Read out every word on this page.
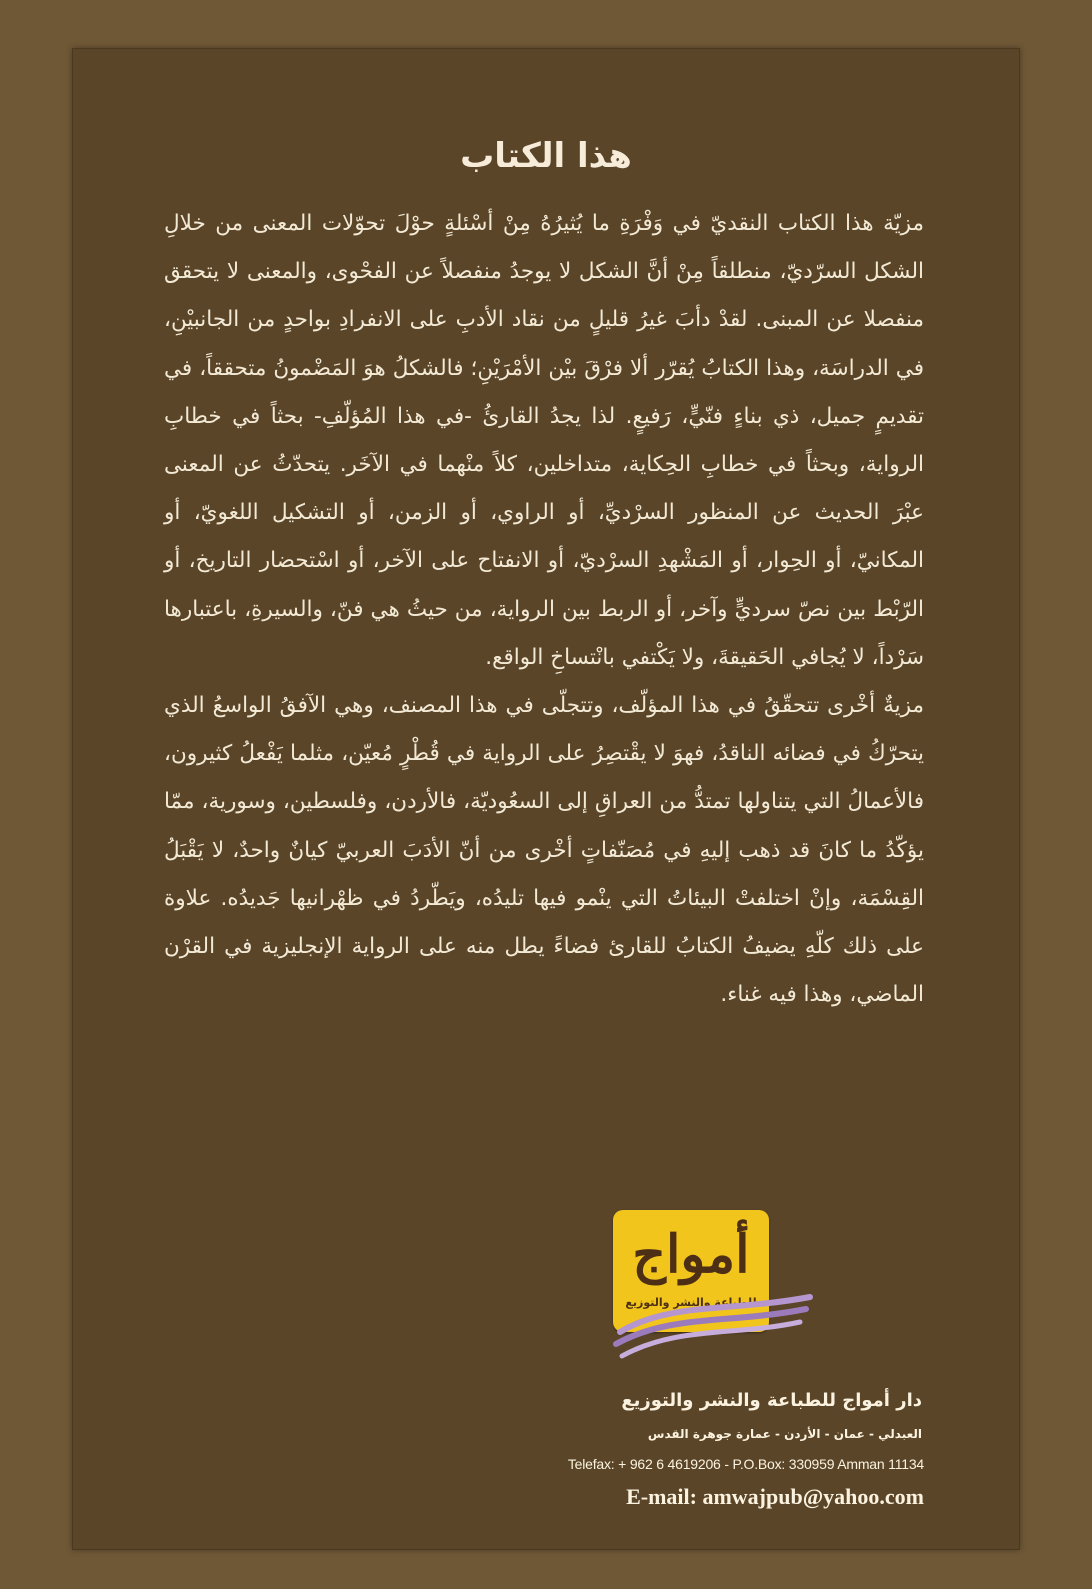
هذا الكتاب

مزيّة هذا الكتاب النقديّ في وَفْرَةِ ما يُثيرُهُ مِنْ أسْئلةٍ حوْلَ تحوّلات المعنى من خلالِ الشكل السرّديّ، منطلقاً مِنْ أنَّ الشكل لا يوجدُ منفصلاً عن الفحْوى، والمعنى لا يتحقق منفصلا عن المبنى. لقدْ دأبَ غيرُ قليلٍ من نقاد الأدبِ على الانفرادِ بواحدٍ من الجانبيْنِ، في الدراسَة، وهذا الكتابُ يُقرّر ألا فرْقَ بيْن الأمْرَيْنِ؛ فالشكلُ هوَ المَضْمونُ متحققاً، في تقديمٍ جميل، ذي بناءٍ فنّيٍّ، رَفيعٍ. لذا يجدُ القارئُ -في هذا المُؤلّفِ- بحثاً في خطابِ الرواية، وبحثاً في خطابِ الحِكاية، متداخلين، كلاً منْهما في الآخَر. يتحدّثُ عن المعنى عبْرَ الحديث عن المنظور السرْديِّ، أو الراوي، أو الزمن، أو التشكيل اللغويّ، أو المكانيّ، أو الحِوار، أو المَشْهدِ السرْديّ، أو الانفتاح على الآخر، أو اسْتحضار التاريخ، أو الرّبْط بين نصّ سرديٍّ وآخر، أو الربط بين الرواية، من حيثُ هي فنّ، والسيرةِ، باعتبارها سَرْداً، لا يُجافي الحَقيقةَ، ولا يَكْتفي بانْتساخِ الواقع.

مزيةٌ أخْرى تتحقّقُ في هذا المؤلّف، وتتجلّى في هذا المصنف، وهي الآفقُ الواسعُ الذي يتحرّكُ في فضائه الناقدُ، فهوَ لا يقْتصِرُ على الرواية في قُطْرٍ مُعيّن، مثلما يَفْعلُ كثيرون، فالأعمالُ التي يتناولها تمتدُّ من العراقِ إلى السعُوديّة، فالأردن، وفلسطين، وسورية، ممّا يؤكّدُ ما كانَ قد ذهب إليهِ في مُصَنّفاتٍ أخْرى من أنّ الأدَبَ العربيّ كيانٌ واحدٌ، لا يَقْبَلُ القِسْمَة، وإنْ اختلفتْ البيئاتُ التي ينْمو فيها تليدُه، ويَطّردُ في ظهْرانيها جَديدُه. علاوة على ذلك كلّهِ يضيفُ الكتابُ للقارئ فضاءً يطل منه على الرواية الإنجليزية في القرْن الماضي، وهذا فيه غناء.

أمواج
للطباعة والنشر والتوزيع

دار أمواج للطباعة والنشر والتوزيع

العبدلي - عمان - الأردن - عمارة جوهرة القدس

Telefax: + 962 6 4619206 - P.O.Box: 330959 Amman 11134

E-mail: amwajpub@yahoo.com
